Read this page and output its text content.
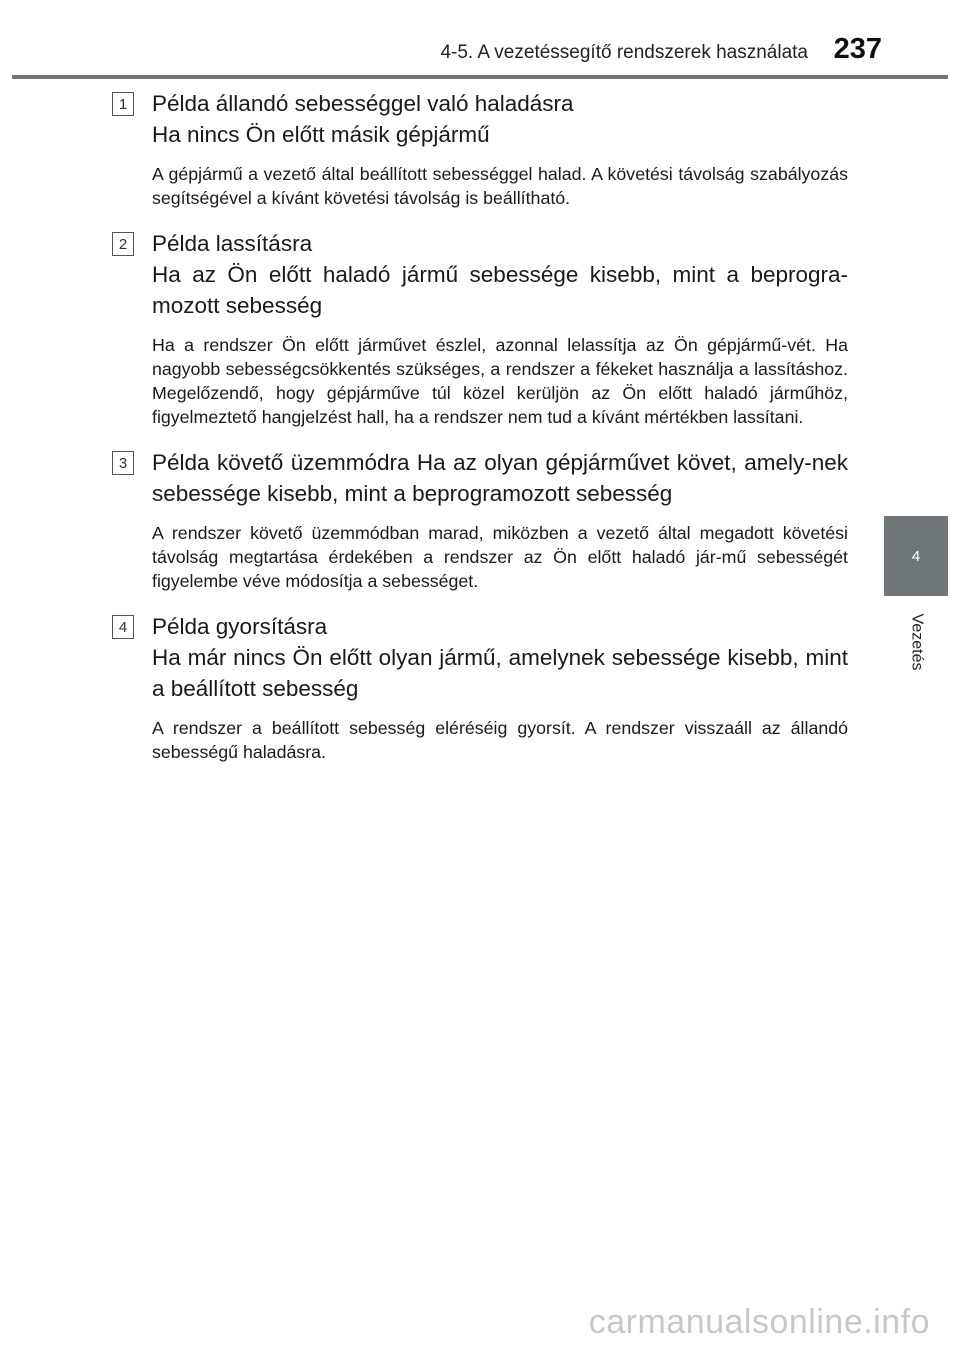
4-5. A vezetéssegítő rendszerek használata 237
4
Vezetés
1	Példa állandó sebességgel való haladásra
Ha nincs Ön előtt másik gépjármű

A gépjármű a vezető által beállított sebességgel halad. A követési távolság szabályozás segítségével a kívánt követési távolság is beállítható.

2	Példa lassításra
Ha az Ön előtt haladó jármű sebessége kisebb, mint a beprogra-mozott sebesség

Ha a rendszer Ön előtt járművet észlel, azonnal lelassítja az Ön gépjármű-vét. Ha nagyobb sebességcsökkentés szükséges, a rendszer a fékeket használja a lassításhoz. Megelőzendő, hogy gépjárműve túl közel kerüljön az Ön előtt haladó járműhöz, figyelmeztető hangjelzést hall, ha a rendszer nem tud a kívánt mértékben lassítani.

3	Példa követő üzemmódra Ha az olyan gépjárművet követ, amely-nek sebessége kisebb, mint a beprogramozott sebesség

A rendszer követő üzemmódban marad, miközben a vezető által megadott követési távolság megtartása érdekében a rendszer az Ön előtt haladó jár-mű sebességét figyelembe véve módosítja a sebességet.

4	Példa gyorsításra
Ha már nincs Ön előtt olyan jármű, amelynek sebessége kisebb, mint a beállított sebesség

A rendszer a beállított sebesség eléréséig gyorsít. A rendszer visszaáll az állandó sebességű haladásra.

carmanualsonline.info
